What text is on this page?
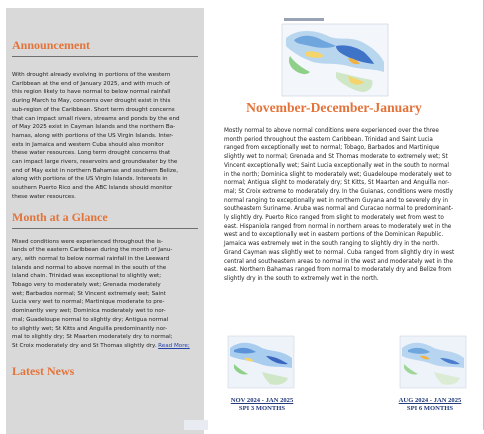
Announcement
With drought already evolving in portions of the western
Caribbean at the end of January 2025, and with much of
this region likely to have normal to below normal rainfall
during March to May, concerns over drought exist in this
sub-region of the Caribbean. Short term drought concerns
that can impact small rivers, streams and ponds by the end
of May 2025 exist in Cayman Islands and the northern Ba-
hamas, along with portions of the US Virgin Islands. Inter-
ests in Jamaica and western Cuba should also monitor
these water resources. Long term drought concerns that
can impact large rivers, reservoirs and groundwater by the
end of May exist in northern Bahamas and southern Belize,
along with portions of the US Virgin Islands. Interests in
southern Puerto Rico and the ABC Islands should monitor
these water resources.
Month at a Glance
Mixed conditions were experienced throughout the is-
lands of the eastern Caribbean during the month of Janu-
ary, with normal to below normal rainfall in the Leeward
islands and normal to above normal in the south of the
island chain. Trinidad was exceptional to slightly wet;
Tobago very to moderately wet; Grenada moderately
wet; Barbados normal; St Vincent extremely wet; Saint
Lucia very wet to normal; Martinique moderate to pre-
dominantly very wet; Dominica moderately wet to nor-
mal; Guadeloupe normal to slightly dry; Antigua normal
to slightly wet; St Kitts and Anguilla predominantly nor-
mal to slightly dry; St Maarten moderately dry to normal;
St Croix moderately dry and St Thomas slightly dry. Read More;
Latest News
November-December-January
Mostly normal to above normal conditions were experienced over the three
month period throughout the eastern Caribbean. Trinidad and Saint Lucia
ranged from exceptionally wet to normal; Tobago, Barbados and Martinique
slightly wet to normal; Grenada and St Thomas moderate to extremely wet; St
Vincent exceptionally wet; Saint Lucia exceptionally wet in the south to normal
in the north; Dominica slight to moderately wet; Guadeloupe moderately wet to
normal; Antigua slight to moderately dry; St Kitts, St Maarten and Anguilla nor-
mal; St Croix extreme to moderately dry. In the Guianas, conditions were mostly
normal ranging to exceptionally wet in northern Guyana and to severely dry in
southeastern Suriname. Aruba was normal and Curacao normal to predominant-
ly slightly dry. Puerto Rico ranged from slight to moderately wet from west to
east. Hispaniola ranged from normal in northern areas to moderately wet in the
west and to exceptionally wet in eastern portions of the Dominican Republic.
Jamaica was extremely wet in the south ranging to slightly dry in the north.
Grand Cayman was slightly wet to normal. Cuba ranged from slightly dry in west
central and southeastern areas to normal in the west and moderately wet in the
east. Northern Bahamas ranged from normal to moderately dry and Belize from
slightly dry in the south to extremely wet in the north.
NOV 2024 - JAN 2025
SPI 3 MONTHS
AUG 2024 - JAN 2025
SPI 6 MONTHS
